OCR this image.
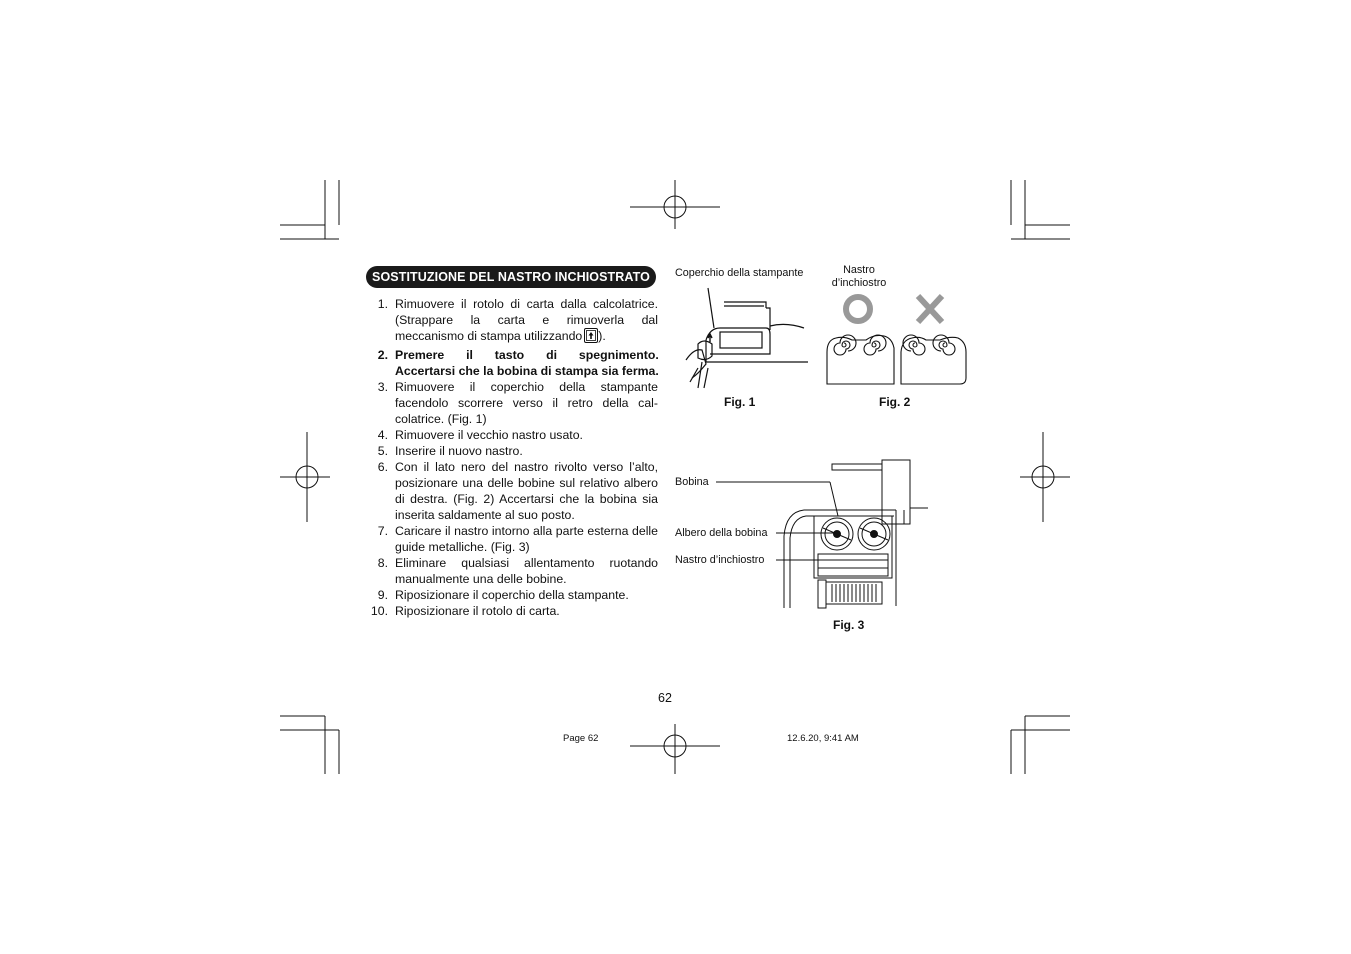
SOSTITUZIONE DEL NASTRO INCHIOSTRATO
1. Rimuovere il rotolo di carta dalla calcolatrice.
(Strappare la carta e rimuoverla dal
meccanismo di stampa utilizzando ).
2. Premere il tasto di spegnimento.
Accertarsi che la bobina di stampa sia ferma.
3. Rimuovere il coperchio della stampante
facendolo scorrere verso il retro della cal-
colatrice. (Fig. 1)
4. Rimuovere il vecchio nastro usato.
5. Inserire il nuovo nastro.
6. Con il lato nero del nastro rivolto verso l’alto,
posizionare una delle bobine sul relativo albero
di destra. (Fig. 2) Accertarsi che la bobina sia
inserita saldamente al suo posto.
7. Caricare il nastro intorno alla parte esterna delle
guide metalliche. (Fig. 3)
8. Eliminare qualsiasi allentamento ruotando
manualmente una delle bobine.
9. Riposizionare il coperchio della stampante.
10. Riposizionare il rotolo di carta.
Coperchio della stampante
Fig. 1
Nastro
d’inchiostro
Fig. 2
Bobina
Albero della bobina
Nastro d’inchiostro
Fig. 3
62
Page 62	12.6.20, 9:41 AM
